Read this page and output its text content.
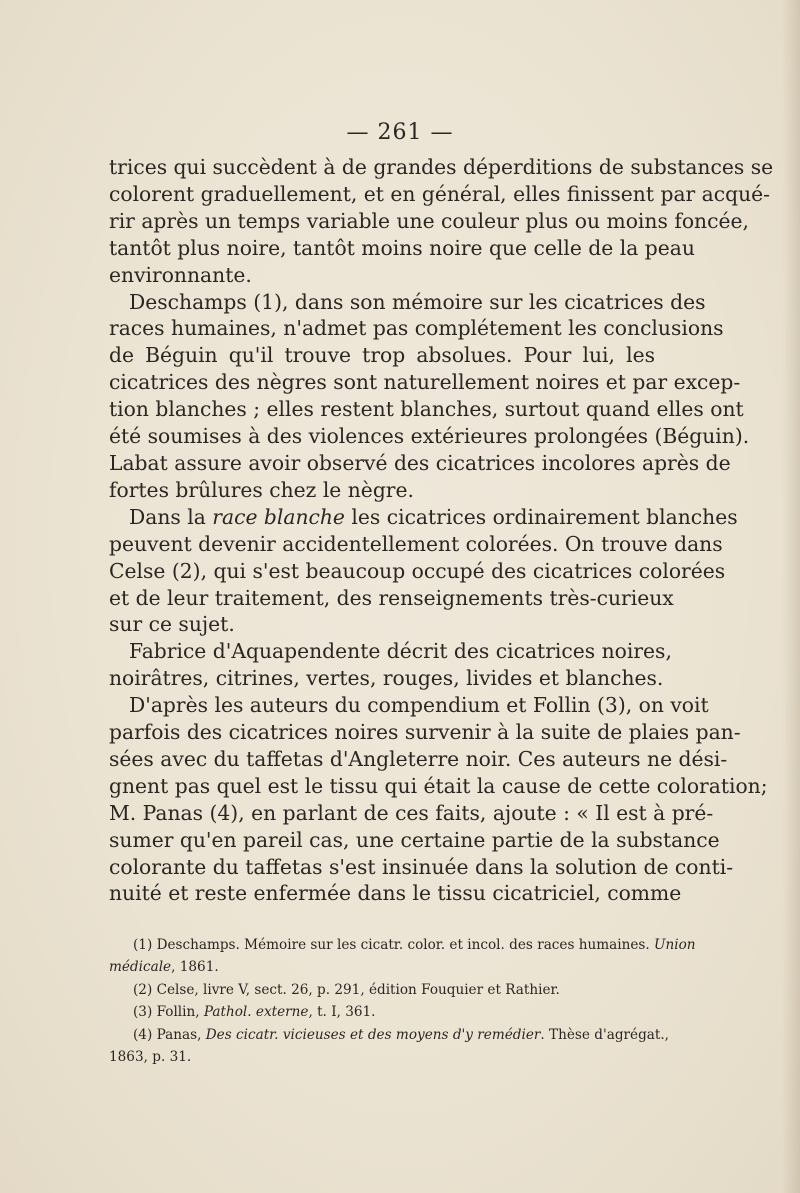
— 261 —
trices qui succèdent à de grandes déperditions de substances se
colorent graduellement, et en général, elles finissent par acqué-
rir après un temps variable une couleur plus ou moins foncée,
tantôt plus noire, tantôt moins noire que celle de la peau
environnante.
Deschamps (1), dans son mémoire sur les cicatrices des
races humaines, n'admet pas complétement les conclusions
de Béguin qu'il trouve trop absolues. Pour lui, les
cicatrices des nègres sont naturellement noires et par excep-
tion blanches ; elles restent blanches, surtout quand elles ont
été soumises à des violences extérieures prolongées (Béguin).
Labat assure avoir observé des cicatrices incolores après de
fortes brûlures chez le nègre.
Dans la race blanche les cicatrices ordinairement blanches
peuvent devenir accidentellement colorées. On trouve dans
Celse (2), qui s'est beaucoup occupé des cicatrices colorées
et de leur traitement, des renseignements très-curieux
sur ce sujet.
Fabrice d'Aquapendente décrit des cicatrices noires,
noirâtres, citrines, vertes, rouges, livides et blanches.
D'après les auteurs du compendium et Follin (3), on voit
parfois des cicatrices noires survenir à la suite de plaies pan-
sées avec du taffetas d'Angleterre noir. Ces auteurs ne dési-
gnent pas quel est le tissu qui était la cause de cette coloration;
M. Panas (4), en parlant de ces faits, ajoute : « Il est à pré-
sumer qu'en pareil cas, une certaine partie de la substance
colorante du taffetas s'est insinuée dans la solution de conti-
nuité et reste enfermée dans le tissu cicatriciel, comme
(1) Deschamps. Mémoire sur les cicatr. color. et incol. des races humaines. Union
médicale, 1861.
(2) Celse, livre V, sect. 26, p. 291, édition Fouquier et Rathier.
(3) Follin, Pathol. externe, t. I, 361.
(4) Panas, Des cicatr. vicieuses et des moyens d'y remédier. Thèse d'agrégat.,
1863, p. 31.
